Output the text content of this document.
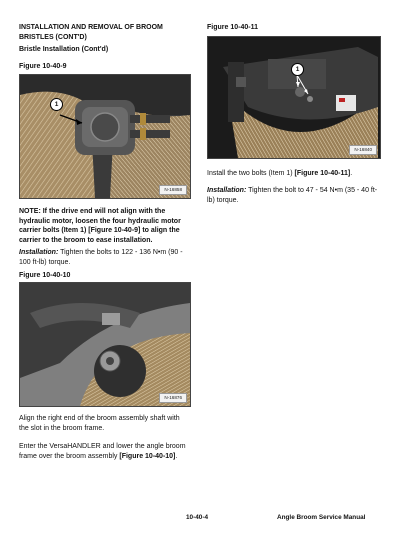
INSTALLATION AND REMOVAL OF BROOM BRISTLES (CONT'D)
Bristle Installation (Cont'd)
Figure 10-40-9
1
N-16858
NOTE: If the drive end will not align with the hydraulic motor, loosen the four hydraulic motor carrier bolts (Item 1) [Figure 10-40-9] to align the carrier to the broom to ease installation.
Installation: Tighten the bolts to 122 - 136 N•m (90 - 100 ft-lb) torque.
Figure 10-40-10
N-16876
Align the right end of the broom assembly shaft with the slot in the broom frame.
Enter the VersaHANDLER and lower the angle broom frame over the broom assembly [Figure 10-40-10].
Figure 10-40-11
1
N-16840
Install the two bolts (Item 1) [Figure 10-40-11].
Installation: Tighten the bolt to 47 - 54 N•m (35 - 40 ft-lb) torque.
10-40-4	Angle Broom Service Manual
